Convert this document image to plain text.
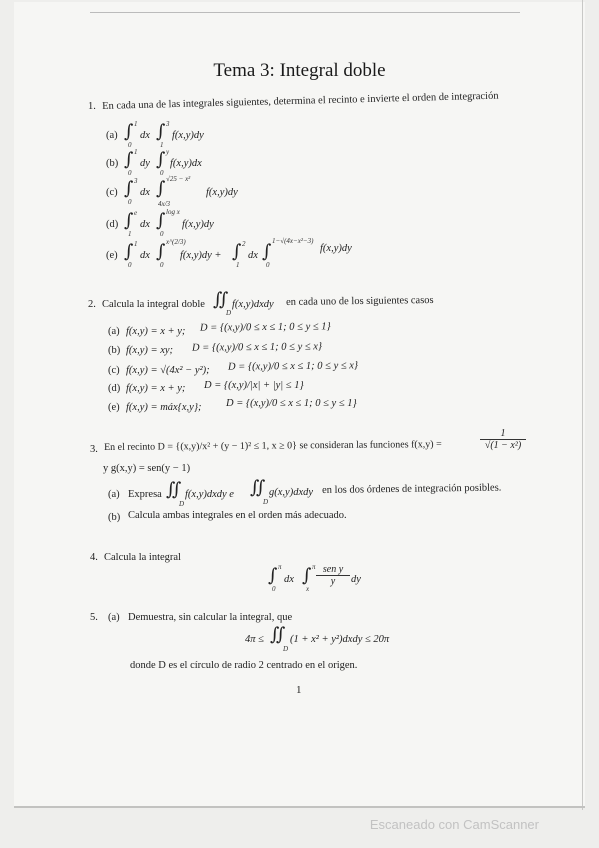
Tema 3: Integral doble
1. En cada una de las integrales siguientes, determina el recinto e invierte el orden de integración
(a) ∫ 1
0
dx ∫ 3
1
f(x,y)dy
(b) ∫ 1
0
dy ∫ y
0
f(x,y)dx
(c) ∫ 3
0
dx ∫ √25 − x²
4x/3
f(x,y)dy
(d) ∫ e
1
dx ∫ log x
0
f(x,y)dy
(e) ∫ 1
0
dx ∫ x^(2/3)
0
f(x,y)dy + ∫ 2
1
dx ∫ 1−√(4x−x²−3)
0
f(x,y)dy
2. Calcula la integral doble ∬
D
f(x,y)dxdy en cada uno de los siguientes casos
(a) f(x,y) = x + y; D = {(x,y)/0 ≤ x ≤ 1; 0 ≤ y ≤ 1}
(b) f(x,y) = xy; D = {(x,y)/0 ≤ x ≤ 1; 0 ≤ y ≤ x}
(c) f(x,y) = √(4x² − y²); D = {(x,y)/0 ≤ x ≤ 1; 0 ≤ y ≤ x}
(d) f(x,y) = x + y; D = {(x,y)/|x| + |y| ≤ 1}
(e) f(x,y) = máx{x,y}; D = {(x,y)/0 ≤ x ≤ 1; 0 ≤ y ≤ 1}
3. En el recinto D = {(x,y)/x² + (y − 1)² ≤ 1, x ≥ 0} se consideran las funciones f(x,y) =	$\frac{1}{\text{√(1 − x²)}}$
y g(x,y) = sen(y − 1)
(a) Expresa ∬
D
f(x,y)dxdy e ∬
D
g(x,y)dxdy en los dos órdenes de integración posibles.
(b) Calcula ambas integrales en el orden más adecuado.
4. Calcula la integral
∫ π
0
dx ∫ π
x
sen y
y	dy
5. (a) Demuestra, sin calcular la integral, que
4π ≤ ∬
D
(1 + x² + y²)dxdy ≤ 20π
donde D es el círculo de radio 2 centrado en el origen.
1
Escaneado con CamScanner
